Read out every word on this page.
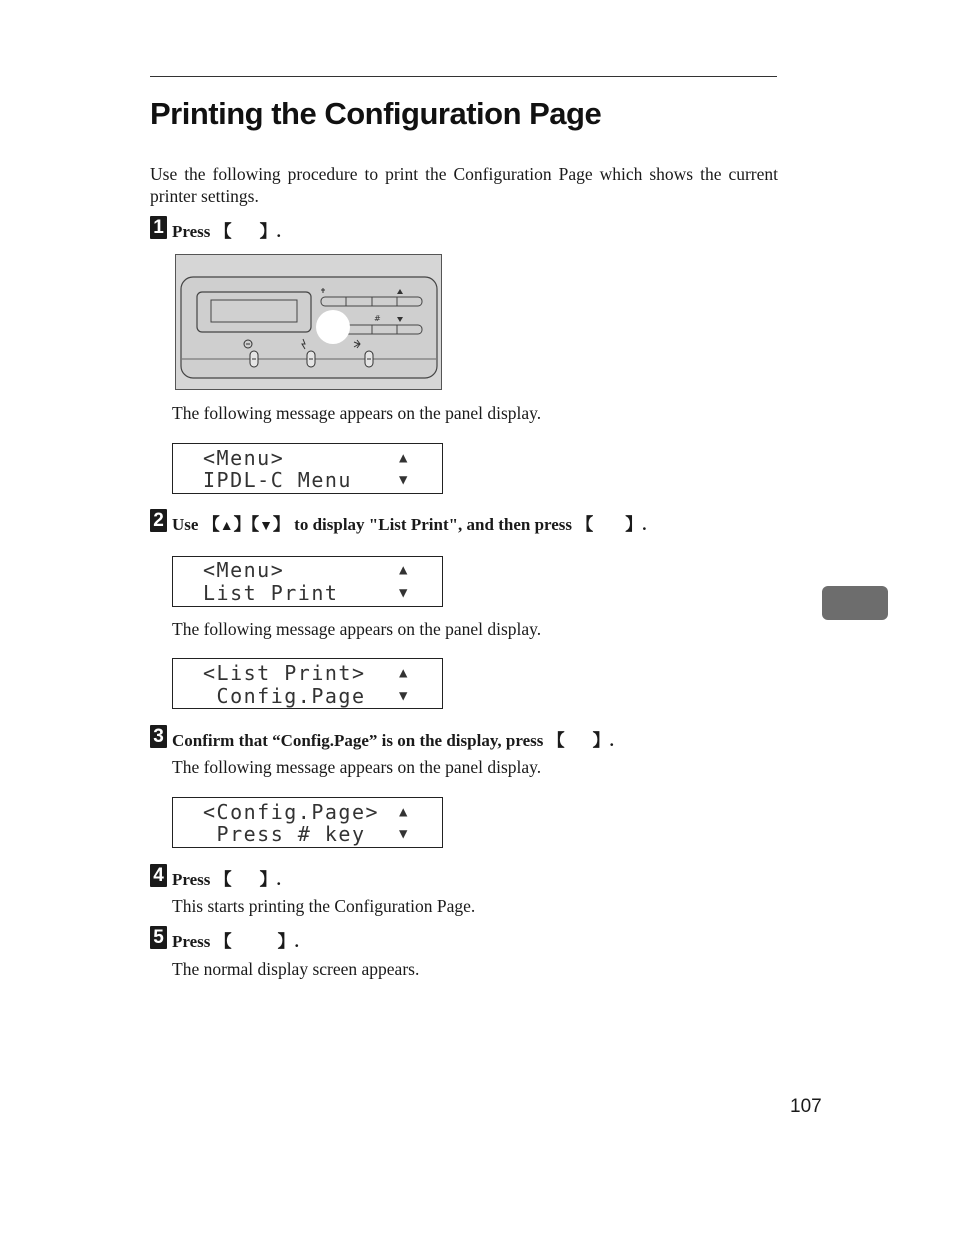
Printing the Configuration Page
Use the following procedure to print the Configuration Page which shows the current printer settings.
1 Press 【 】.
#
The following message appears on the panel display.
<Menu>
IPDL-C Menu
▲
▼
2 Use 【▲】【▼】 to display "List Print", and then press 【 】.
<Menu>
List Print
▲
▼
The following message appears on the panel display.
<List Print>
Config.Page
▲
▼
3 Confirm that “Config.Page” is on the display, press 【 】.
The following message appears on the panel display.
<Config.Page>
Press # key
▲
▼
4 Press 【 】.
This starts printing the Configuration Page.
5 Press 【	】.
The normal display screen appears.
107
